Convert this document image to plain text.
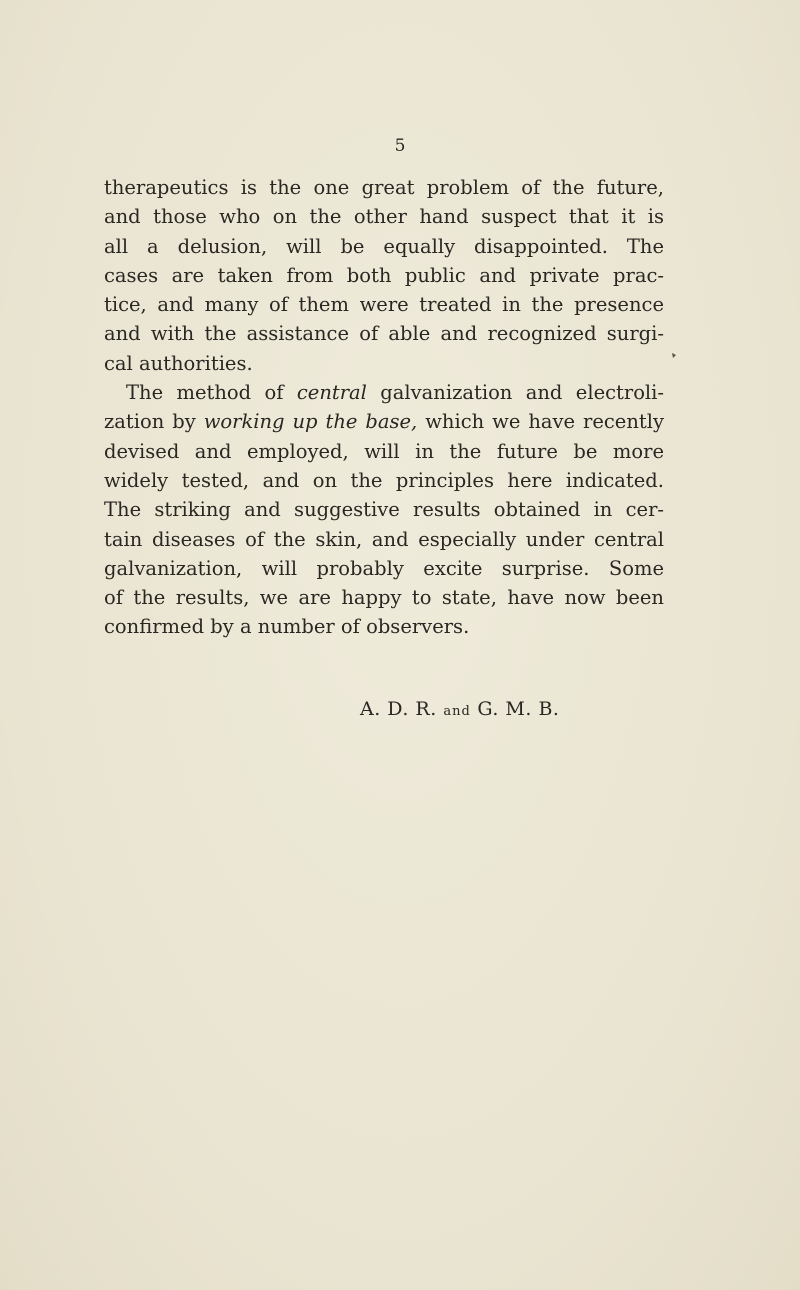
5
therapeutics is the one great problem of the future,
and those who on the other hand suspect that it is
all a delusion, will be equally disappointed. The
cases are taken from both public and private prac-
tice, and many of them were treated in the presence
and with the assistance of able and recognized surgi-
cal authorities.
The method of central galvanization and electroli-
zation by working up the base, which we have recently
devised and employed, will in the future be more
widely tested, and on the principles here indicated.
The striking and suggestive results obtained in cer-
tain diseases of the skin, and especially under central
galvanization, will probably excite surprise. Some
of the results, we are happy to state, have now been
confirmed by a number of observers.
A. D. R. and G. M. B.
